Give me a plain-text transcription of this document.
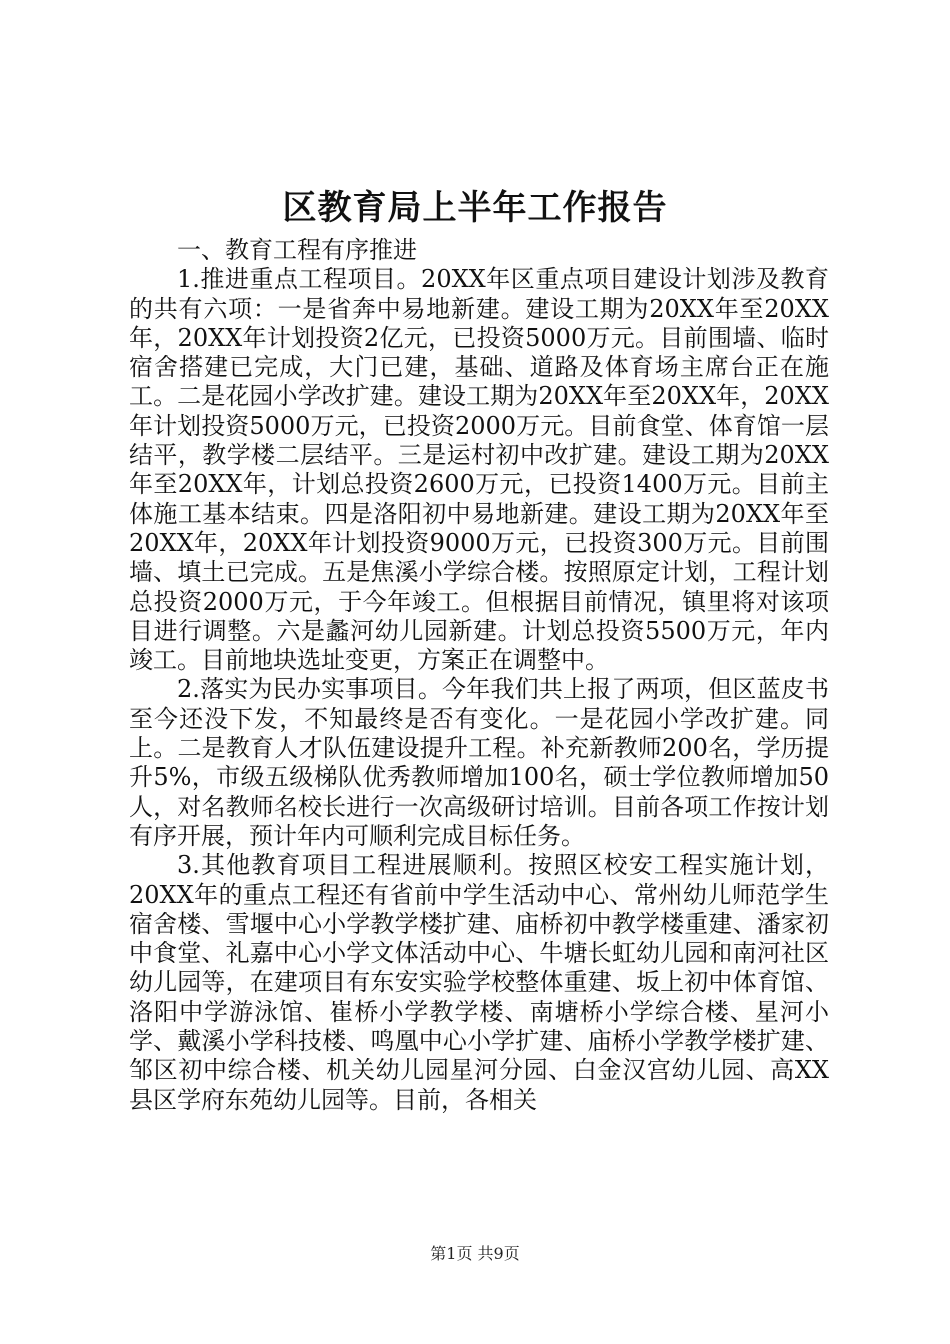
区教育局上半年工作报告

一、教育工程有序推进

1.推进重点工程项目。20XX年区重点项目建设计划涉及教育的共有六项：一是省奔中易地新建。建设工期为20XX年至20XX年，20XX年计划投资2亿元，已投资5000万元。目前围墙、临时宿舍搭建已完成，大门已建，基础、道路及体育场主席台正在施工。二是花园小学改扩建。建设工期为20XX年至20XX年，20XX年计划投资5000万元，已投资2000万元。目前食堂、体育馆一层结平，教学楼二层结平。三是运村初中改扩建。建设工期为20XX年至20XX年，计划总投资2600万元，已投资1400万元。目前主体施工基本结束。四是洛阳初中易地新建。建设工期为20XX年至20XX年，20XX年计划投资9000万元，已投资300万元。目前围墙、填土已完成。五是焦溪小学综合楼。按照原定计划，工程计划总投资2000万元，于今年竣工。但根据目前情况，镇里将对该项目进行调整。六是蠡河幼儿园新建。计划总投资5500万元，年内竣工。目前地块选址变更，方案正在调整中。

2.落实为民办实事项目。今年我们共上报了两项，但区蓝皮书至今还没下发，不知最终是否有变化。一是花园小学改扩建。同上。二是教育人才队伍建设提升工程。补充新教师200名，学历提升5%，市级五级梯队优秀教师增加100名，硕士学位教师增加50人，对名教师名校长进行一次高级研讨培训。目前各项工作按计划有序开展，预计年内可顺利完成目标任务。

3.其他教育项目工程进展顺利。按照区校安工程实施计划，20XX年的重点工程还有省前中学生活动中心、常州幼儿师范学生宿舍楼、雪堰中心小学教学楼扩建、庙桥初中教学楼重建、潘家初中食堂、礼嘉中心小学文体活动中心、牛塘长虹幼儿园和南河社区幼儿园等，在建项目有东安实验学校整体重建、坂上初中体育馆、洛阳中学游泳馆、崔桥小学教学楼、南塘桥小学综合楼、星河小学、戴溪小学科技楼、鸣凰中心小学扩建、庙桥小学教学楼扩建、邹区初中综合楼、机关幼儿园星河分园、白金汉宫幼儿园、高XX县区学府东苑幼儿园等。目前，各相关

第1页 共9页
